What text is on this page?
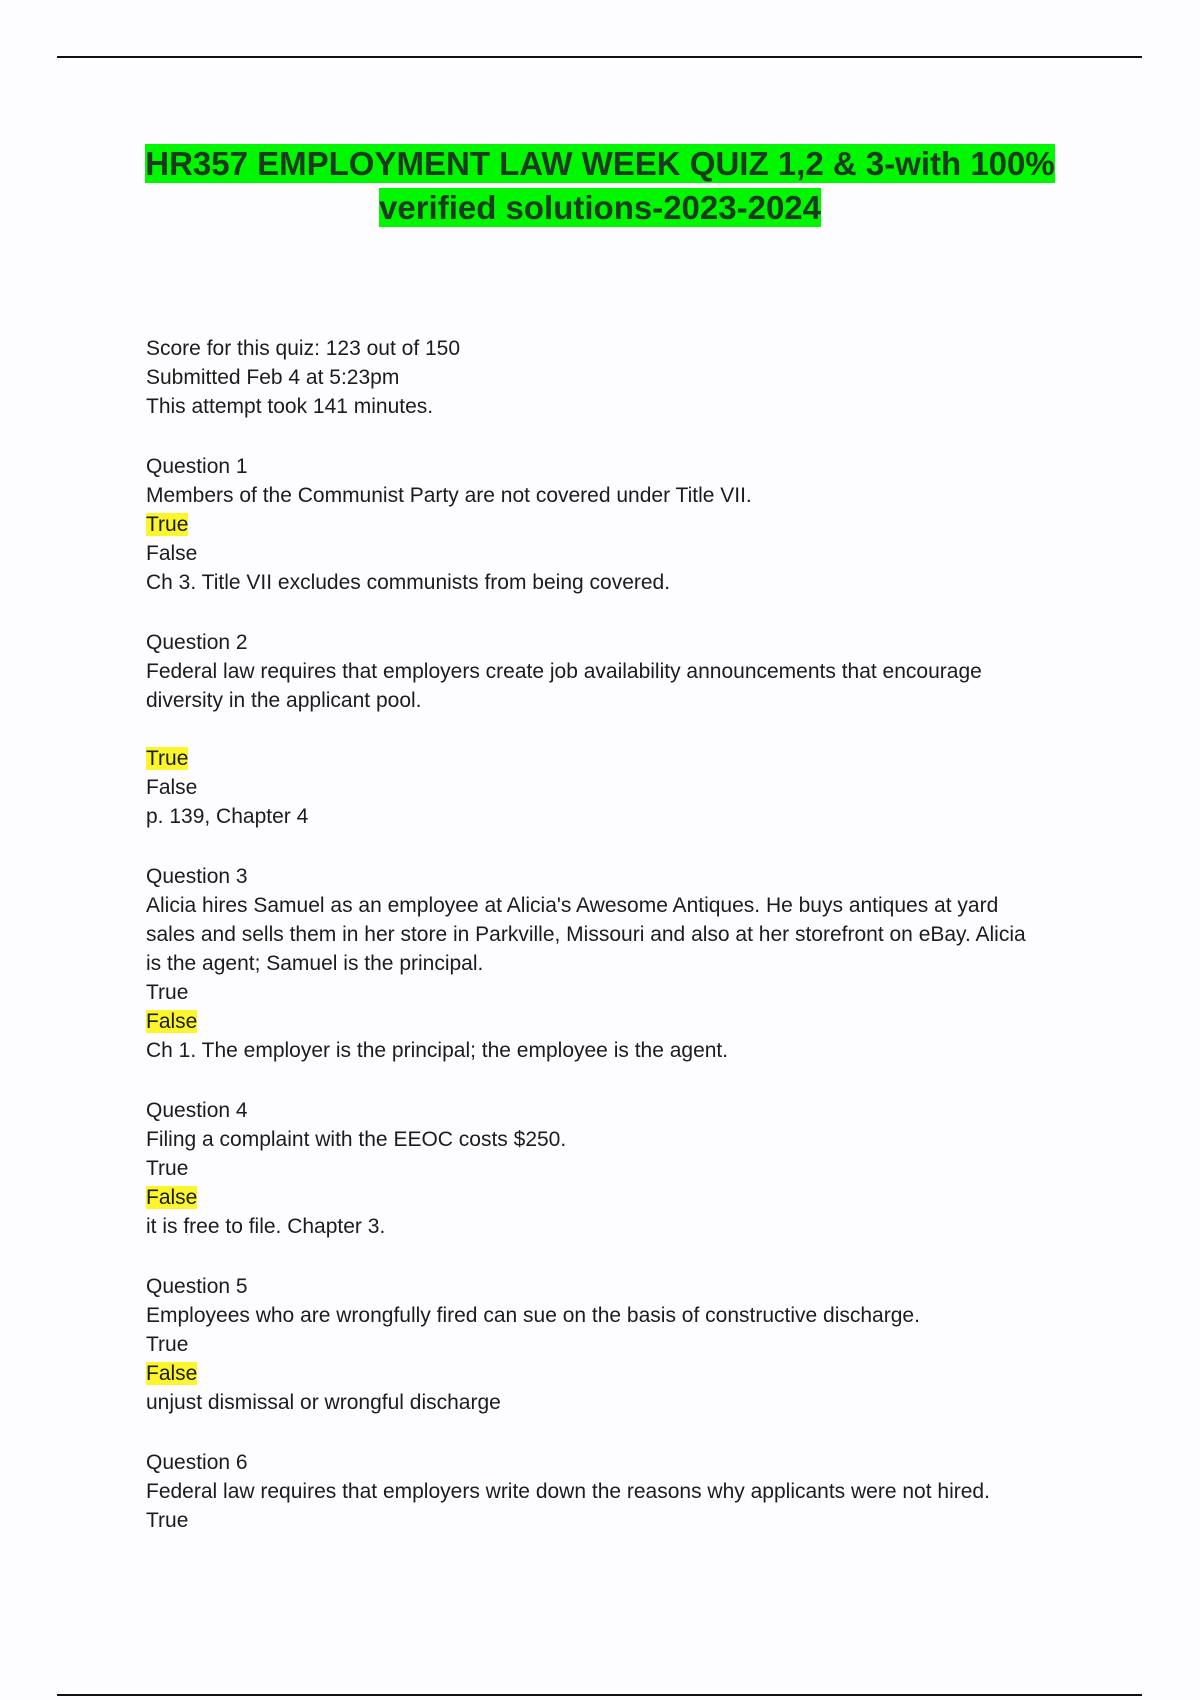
HR357 EMPLOYMENT LAW WEEK QUIZ 1,2 & 3-with 100%
verified solutions-2023-2024
Score for this quiz: 123 out of 150
Submitted Feb 4 at 5:23pm
This attempt took 141 minutes.
Question 1
Members of the Communist Party are not covered under Title VII.
True
False
Ch 3. Title VII excludes communists from being covered.
Question 2
Federal law requires that employers create job availability announcements that encourage
diversity in the applicant pool.
True
False
p. 139, Chapter 4
Question 3
Alicia hires Samuel as an employee at Alicia's Awesome Antiques. He buys antiques at yard
sales and sells them in her store in Parkville, Missouri and also at her storefront on eBay. Alicia
is the agent; Samuel is the principal.
True
False
Ch 1. The employer is the principal; the employee is the agent.
Question 4
Filing a complaint with the EEOC costs $250.
True
False
it is free to file. Chapter 3.
Question 5
Employees who are wrongfully fired can sue on the basis of constructive discharge.
True
False
unjust dismissal or wrongful discharge
Question 6
Federal law requires that employers write down the reasons why applicants were not hired.
True
